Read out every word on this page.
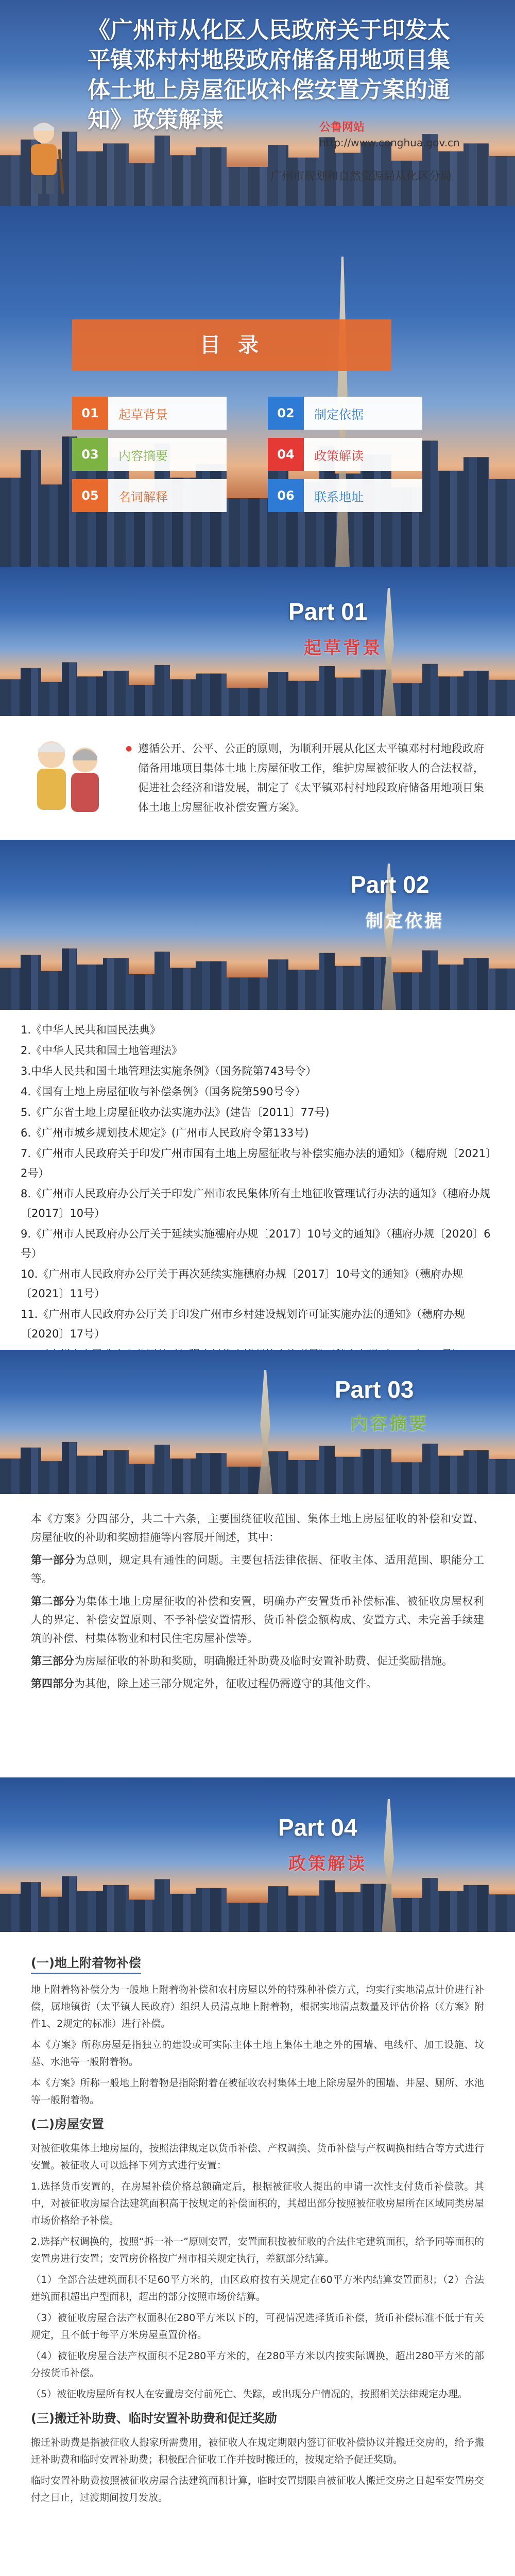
《广州市从化区人民政府关于印发太平镇邓村村地段政府储备用地项目集体土地上房屋征收补偿安置方案的通知》政策解读	公鲁网站
http://www.conghua.gov.cn
广州市规划和自然资源局从化区分局
目 录
01	起草背景	02	制定依据
03	内容摘要	04	政策解读
05	名词解释	06	联系地址
Part 01
起草背景
● 遵循公开、公平、公正的原则，为顺利开展从化区太平镇邓村村地段政府储备用地项目集体土地上房屋征收工作，维护房屋被征收人的合法权益，促进社会经济和谐发展，制定了《太平镇邓村村地段政府储备用地项目集体土地上房屋征收补偿安置方案》。
Part 02
制定依据
1.《中华人民共和国民法典》
2.《中华人民共和国土地管理法》
3.中华人民共和国土地管理法实施条例》（国务院第743号令）
4.《国有土地上房屋征收与补偿条例》（国务院第590号令）
5.《广东省土地上房屋征收办法实施办法》(建告〔2011〕77号)
6.《广州市城乡规划技术规定》(广州市人民政府令第133号)
7.《广州市人民政府关于印发广州市国有土地上房屋征收与补偿实施办法的通知》（穗府规〔2021〕2号）
8.《广州市人民政府办公厅关于印发广州市农民集体所有土地征收管理试行办法的通知》（穗府办规〔2017〕10号）
9.《广州市人民政府办公厅关于延续实施穗府办规〔2017〕10号文的通知》（穗府办规〔2020〕6号）
10.《广州市人民政府办公厅关于再次延续实施穗府办规〔2017〕10号文的通知》（穗府办规〔2021〕11号）
11.《广州市人民政府办公厅关于印发广州市乡村建设规划许可证实施办法的通知》（穗府办规〔2020〕17号）
Part 03
内容摘要

本《方案》分四部分，共二十六条，主要围绕征收范围、集体土地上房屋征收的补偿和安置、房屋征收的补助和奖励措施等内容展开阐述，其中：

第一部分为总则，规定具有通性的问题。主要包括法律依据、征收主体、适用范围、职能分工等。

第二部分为集体土地上房屋征收的补偿和安置，明确办产安置货币补偿标准、被征收房屋权利人的界定、补偿安置原则、不予补偿安置情形、货币补偿金额构成、安置方式、未完善手续建筑的补偿、村集体物业和村民住宅房屋补偿等。

第三部分为房屋征收的补助和奖励，明确搬迁补助费及临时安置补助费、促迁奖励措施。

第四部分为其他，除上述三部分规定外，征收过程仍需遵守的其他文件。

Part 04
政策解读
(一)地上附着物补偿

地上附着物补偿分为一般地上附着物补偿和农村房屋以外的特殊种补偿方式，均实行实地清点计价进行补偿，属地镇街（太平镇人民政府）组织人员清点地上附着物，根据实地清点数量及评估价格（《方案》附件1、2规定的标准）进行补偿。

本《方案》所称房屋是指独立的建设或可实际主体土地上集体土地之外的围墙、电线杆、加工设施、坟墓、水池等一般附着物。

本《方案》所称一般地上附着物是指除附着在被征收农村集体土地上除房屋外的围墙、井屋、厕所、水池等一般附着物。

(二)房屋安置

对被征收集体土地房屋的，按照法律规定以货币补偿、产权调换、货币补偿与产权调换相结合等方式进行安置。被征收人可以选择下列方式进行安置：

1.选择货币安置的，在房屋补偿价格总额确定后，根据被征收人提出的申请一次性支付货币补偿款。其中，对被征收房屋合法建筑面积高于按规定的补偿面积的，其超出部分按照被征收房屋所在区域同类房屋市场价格给予补偿。

2.选择产权调换的，按照“拆一补一”原则安置，安置面积按被征收的合法住宅建筑面积，给予同等面积的安置房进行安置；安置房价格按广州市相关规定执行，差额部分结算。

（1）全部合法建筑面积不足60平方米的，由区政府按有关规定在60平方米内结算安置面积；（2）合法建筑面积超出户型面积，超出的部分按照市场价结算。

（3）被征收房屋合法产权面积在280平方米以下的，可视情况选择货币补偿，货币补偿标准不低于有关规定，且不低于每平方米房屋重置价格。

（4）被征收房屋合法产权面积不足280平方米的，在280平方米以内按实际调换，超出280平方米的部分按货币补偿。

（5）被征收房屋所有权人在安置房交付前死亡、失踪，或出现分户情况的，按照相关法律规定办理。

(三)搬迁补助费、临时安置补助费和促迁奖励

搬迁补助费是指被征收人搬家所需费用，被征收人在规定期限内签订征收补偿协议并搬迁交房的，给予搬迁补助费和临时安置补助费；积极配合征收工作并按时搬迁的，按规定给予促迁奖励。

临时安置补助费按照被征收房屋合法建筑面积计算，临时安置期限自被征收人搬迁交房之日起至安置房交付之日止，过渡期间按月发放。
